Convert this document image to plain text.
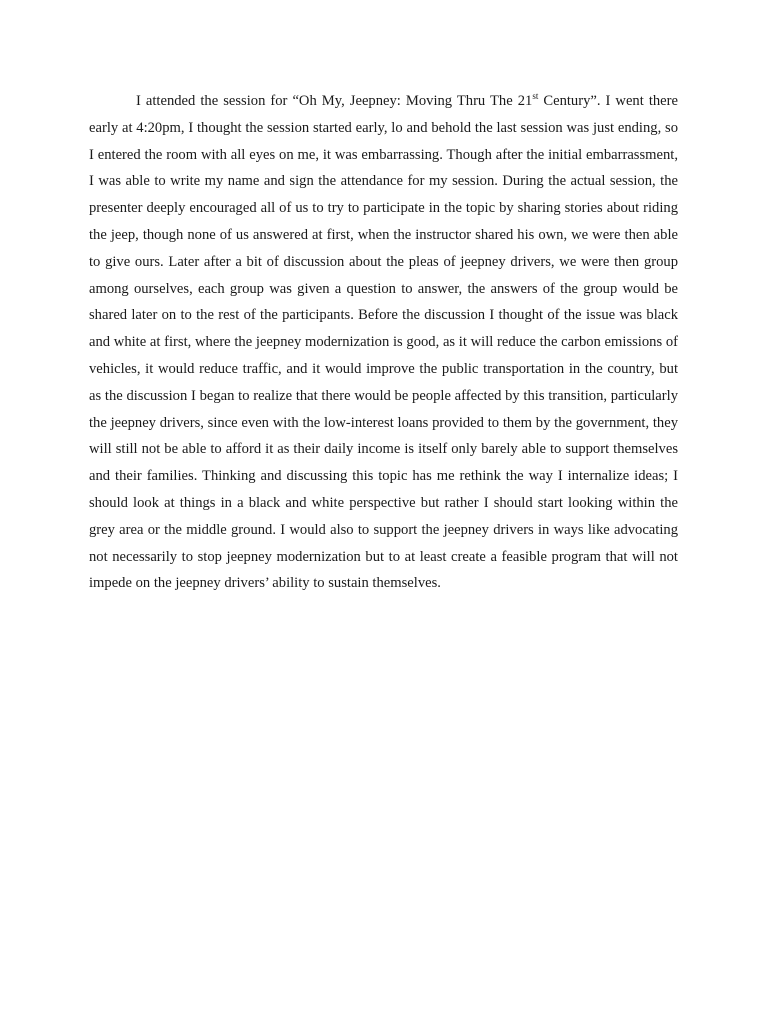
I attended the session for “Oh My, Jeepney: Moving Thru The 21st Century”. I went there early at 4:20pm, I thought the session started early, lo and behold the last session was just ending, so I entered the room with all eyes on me, it was embarrassing. Though after the initial embarrassment, I was able to write my name and sign the attendance for my session. During the actual session, the presenter deeply encouraged all of us to try to participate in the topic by sharing stories about riding the jeep, though none of us answered at first, when the instructor shared his own, we were then able to give ours. Later after a bit of discussion about the pleas of jeepney drivers, we were then group among ourselves, each group was given a question to answer, the answers of the group would be shared later on to the rest of the participants. Before the discussion I thought of the issue was black and white at first, where the jeepney modernization is good, as it will reduce the carbon emissions of vehicles, it would reduce traffic, and it would improve the public transportation in the country, but as the discussion I began to realize that there would be people affected by this transition, particularly the jeepney drivers, since even with the low-interest loans provided to them by the government, they will still not be able to afford it as their daily income is itself only barely able to support themselves and their families. Thinking and discussing this topic has me rethink the way I internalize ideas; I should look at things in a black and white perspective but rather I should start looking within the grey area or the middle ground. I would also to support the jeepney drivers in ways like advocating not necessarily to stop jeepney modernization but to at least create a feasible program that will not impede on the jeepney drivers’ ability to sustain themselves.
